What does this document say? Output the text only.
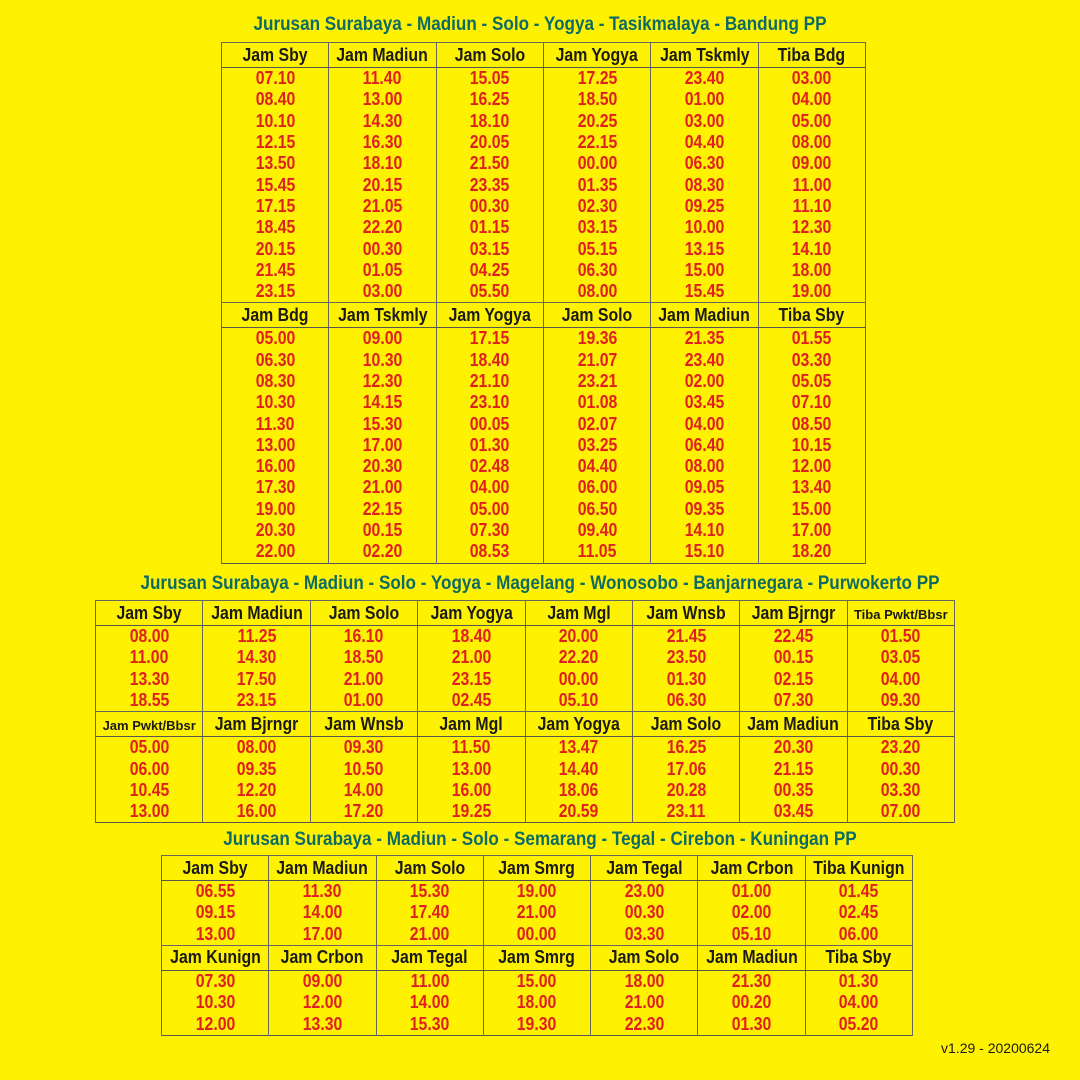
Jurusan Surabaya - Madiun - Solo - Yogya - Tasikmalaya - Bandung PP
Jam Sby	Jam Madiun	Jam Solo	Jam Yogya	Jam Tskmly	Tiba Bdg
07.10	11.40	15.05	17.25	23.40	03.00
08.40	13.00	16.25	18.50	01.00	04.00
10.10	14.30	18.10	20.25	03.00	05.00
12.15	16.30	20.05	22.15	04.40	08.00
13.50	18.10	21.50	00.00	06.30	09.00
15.45	20.15	23.35	01.35	08.30	11.00
17.15	21.05	00.30	02.30	09.25	11.10
18.45	22.20	01.15	03.15	10.00	12.30
20.15	00.30	03.15	05.15	13.15	14.10
21.45	01.05	04.25	06.30	15.00	18.00
23.15	03.00	05.50	08.00	15.45	19.00
Jam Bdg	Jam Tskmly	Jam Yogya	Jam Solo	Jam Madiun	Tiba Sby
05.00	09.00	17.15	19.36	21.35	01.55
06.30	10.30	18.40	21.07	23.40	03.30
08.30	12.30	21.10	23.21	02.00	05.05
10.30	14.15	23.10	01.08	03.45	07.10
11.30	15.30	00.05	02.07	04.00	08.50
13.00	17.00	01.30	03.25	06.40	10.15
16.00	20.30	02.48	04.40	08.00	12.00
17.30	21.00	04.00	06.00	09.05	13.40
19.00	22.15	05.00	06.50	09.35	15.00
20.30	00.15	07.30	09.40	14.10	17.00
22.00	02.20	08.53	11.05	15.10	18.20
Jurusan Surabaya - Madiun - Solo - Yogya - Magelang - Wonosobo - Banjarnegara - Purwokerto PP
Jam Sby	Jam Madiun	Jam Solo	Jam Yogya	Jam Mgl	Jam Wnsb	Jam Bjrngr	Tiba Pwkt/Bbsr
08.00	11.25	16.10	18.40	20.00	21.45	22.45	01.50
11.00	14.30	18.50	21.00	22.20	23.50	00.15	03.05
13.30	17.50	21.00	23.15	00.00	01.30	02.15	04.00
18.55	23.15	01.00	02.45	05.10	06.30	07.30	09.30
Jam Pwkt/Bbsr	Jam Bjrngr	Jam Wnsb	Jam Mgl	Jam Yogya	Jam Solo	Jam Madiun	Tiba Sby
05.00	08.00	09.30	11.50	13.47	16.25	20.30	23.20
06.00	09.35	10.50	13.00	14.40	17.06	21.15	00.30
10.45	12.20	14.00	16.00	18.06	20.28	00.35	03.30
13.00	16.00	17.20	19.25	20.59	23.11	03.45	07.00
Jurusan Surabaya - Madiun - Solo - Semarang - Tegal - Cirebon - Kuningan PP
Jam Sby	Jam Madiun	Jam Solo	Jam Smrg	Jam Tegal	Jam Crbon	Tiba Kunign
06.55	11.30	15.30	19.00	23.00	01.00	01.45
09.15	14.00	17.40	21.00	00.30	02.00	02.45
13.00	17.00	21.00	00.00	03.30	05.10	06.00
Jam Kunign	Jam Crbon	Jam Tegal	Jam Smrg	Jam Solo	Jam Madiun	Tiba Sby
07.30	09.00	11.00	15.00	18.00	21.30	01.30
10.30	12.00	14.00	18.00	21.00	00.20	04.00
12.00	13.30	15.30	19.30	22.30	01.30	05.20
v1.29 - 20200624
